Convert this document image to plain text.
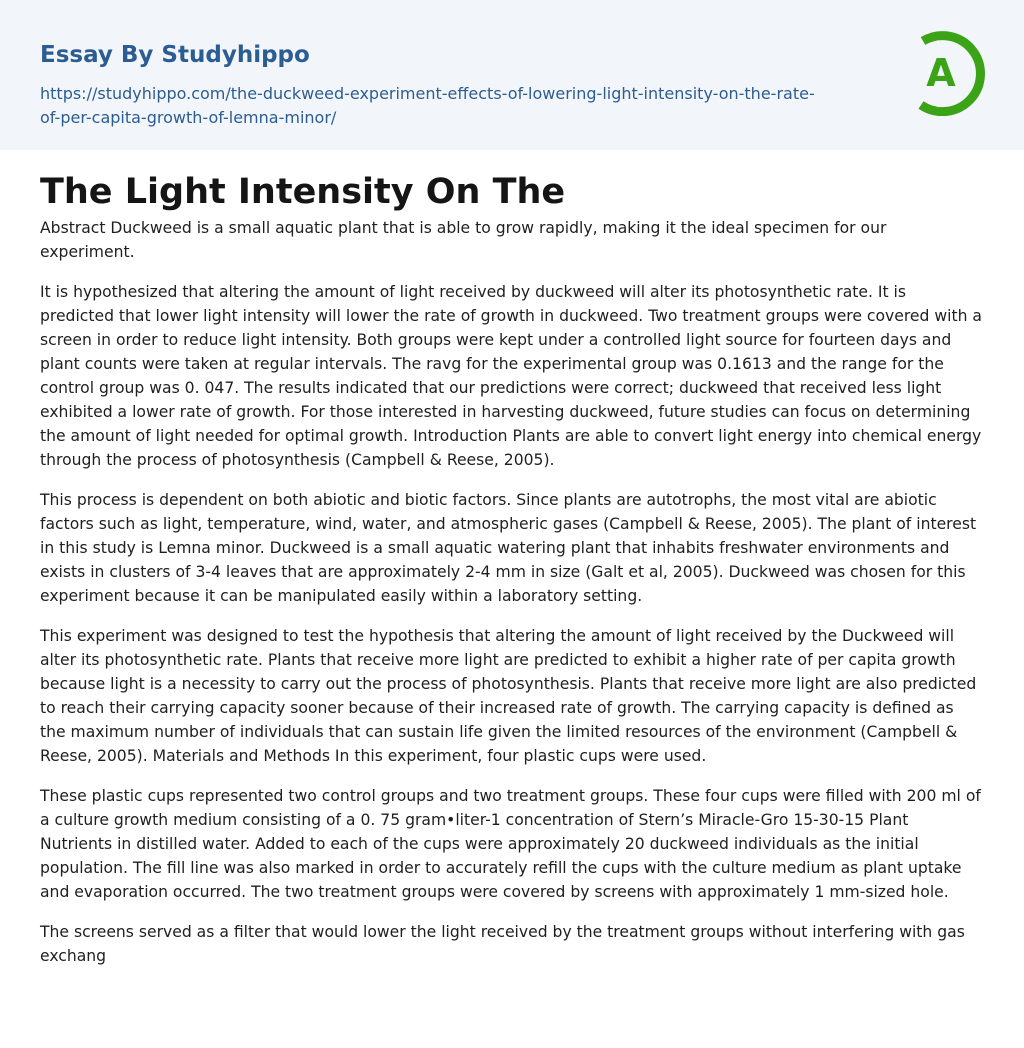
Essay By Studyhippo
https://studyhippo.com/the-duckweed-experiment-effects-of-lowering-light-intensity-on-the-rate-of-per-capita-growth-of-lemna-minor/
A
The Light Intensity On The

Abstract Duckweed is a small aquatic plant that is able to grow rapidly, making it the ideal specimen for our experiment.

It is hypothesized that altering the amount of light received by duckweed will alter its photosynthetic rate. It is predicted that lower light intensity will lower the rate of growth in duckweed. Two treatment groups were covered with a screen in order to reduce light intensity. Both groups were kept under a controlled light source for fourteen days and plant counts were taken at regular intervals. The ravg for the experimental group was 0.1613 and the range for the control group was 0. 047. The results indicated that our predictions were correct; duckweed that received less light exhibited a lower rate of growth. For those interested in harvesting duckweed, future studies can focus on determining the amount of light needed for optimal growth. Introduction Plants are able to convert light energy into chemical energy through the process of photosynthesis (Campbell & Reese, 2005).

This process is dependent on both abiotic and biotic factors. Since plants are autotrophs, the most vital are abiotic factors such as light, temperature, wind, water, and atmospheric gases (Campbell & Reese, 2005). The plant of interest in this study is Lemna minor. Duckweed is a small aquatic watering plant that inhabits freshwater environments and exists in clusters of 3-4 leaves that are approximately 2-4 mm in size (Galt et al, 2005). Duckweed was chosen for this experiment because it can be manipulated easily within a laboratory setting.

This experiment was designed to test the hypothesis that altering the amount of light received by the Duckweed will alter its photosynthetic rate. Plants that receive more light are predicted to exhibit a higher rate of per capita growth because light is a necessity to carry out the process of photosynthesis. Plants that receive more light are also predicted to reach their carrying capacity sooner because of their increased rate of growth. The carrying capacity is defined as the maximum number of individuals that can sustain life given the limited resources of the environment (Campbell & Reese, 2005). Materials and Methods In this experiment, four plastic cups were used.

These plastic cups represented two control groups and two treatment groups. These four cups were filled with 200 ml of a culture growth medium consisting of a 0. 75 gram•liter-1 concentration of Stern’s Miracle-Gro 15-30-15 Plant Nutrients in distilled water. Added to each of the cups were approximately 20 duckweed individuals as the initial population. The fill line was also marked in order to accurately refill the cups with the culture medium as plant uptake and evaporation occurred. The two treatment groups were covered by screens with approximately 1 mm-sized hole.

The screens served as a filter that would lower the light received by the treatment groups without interfering with gas exchang
